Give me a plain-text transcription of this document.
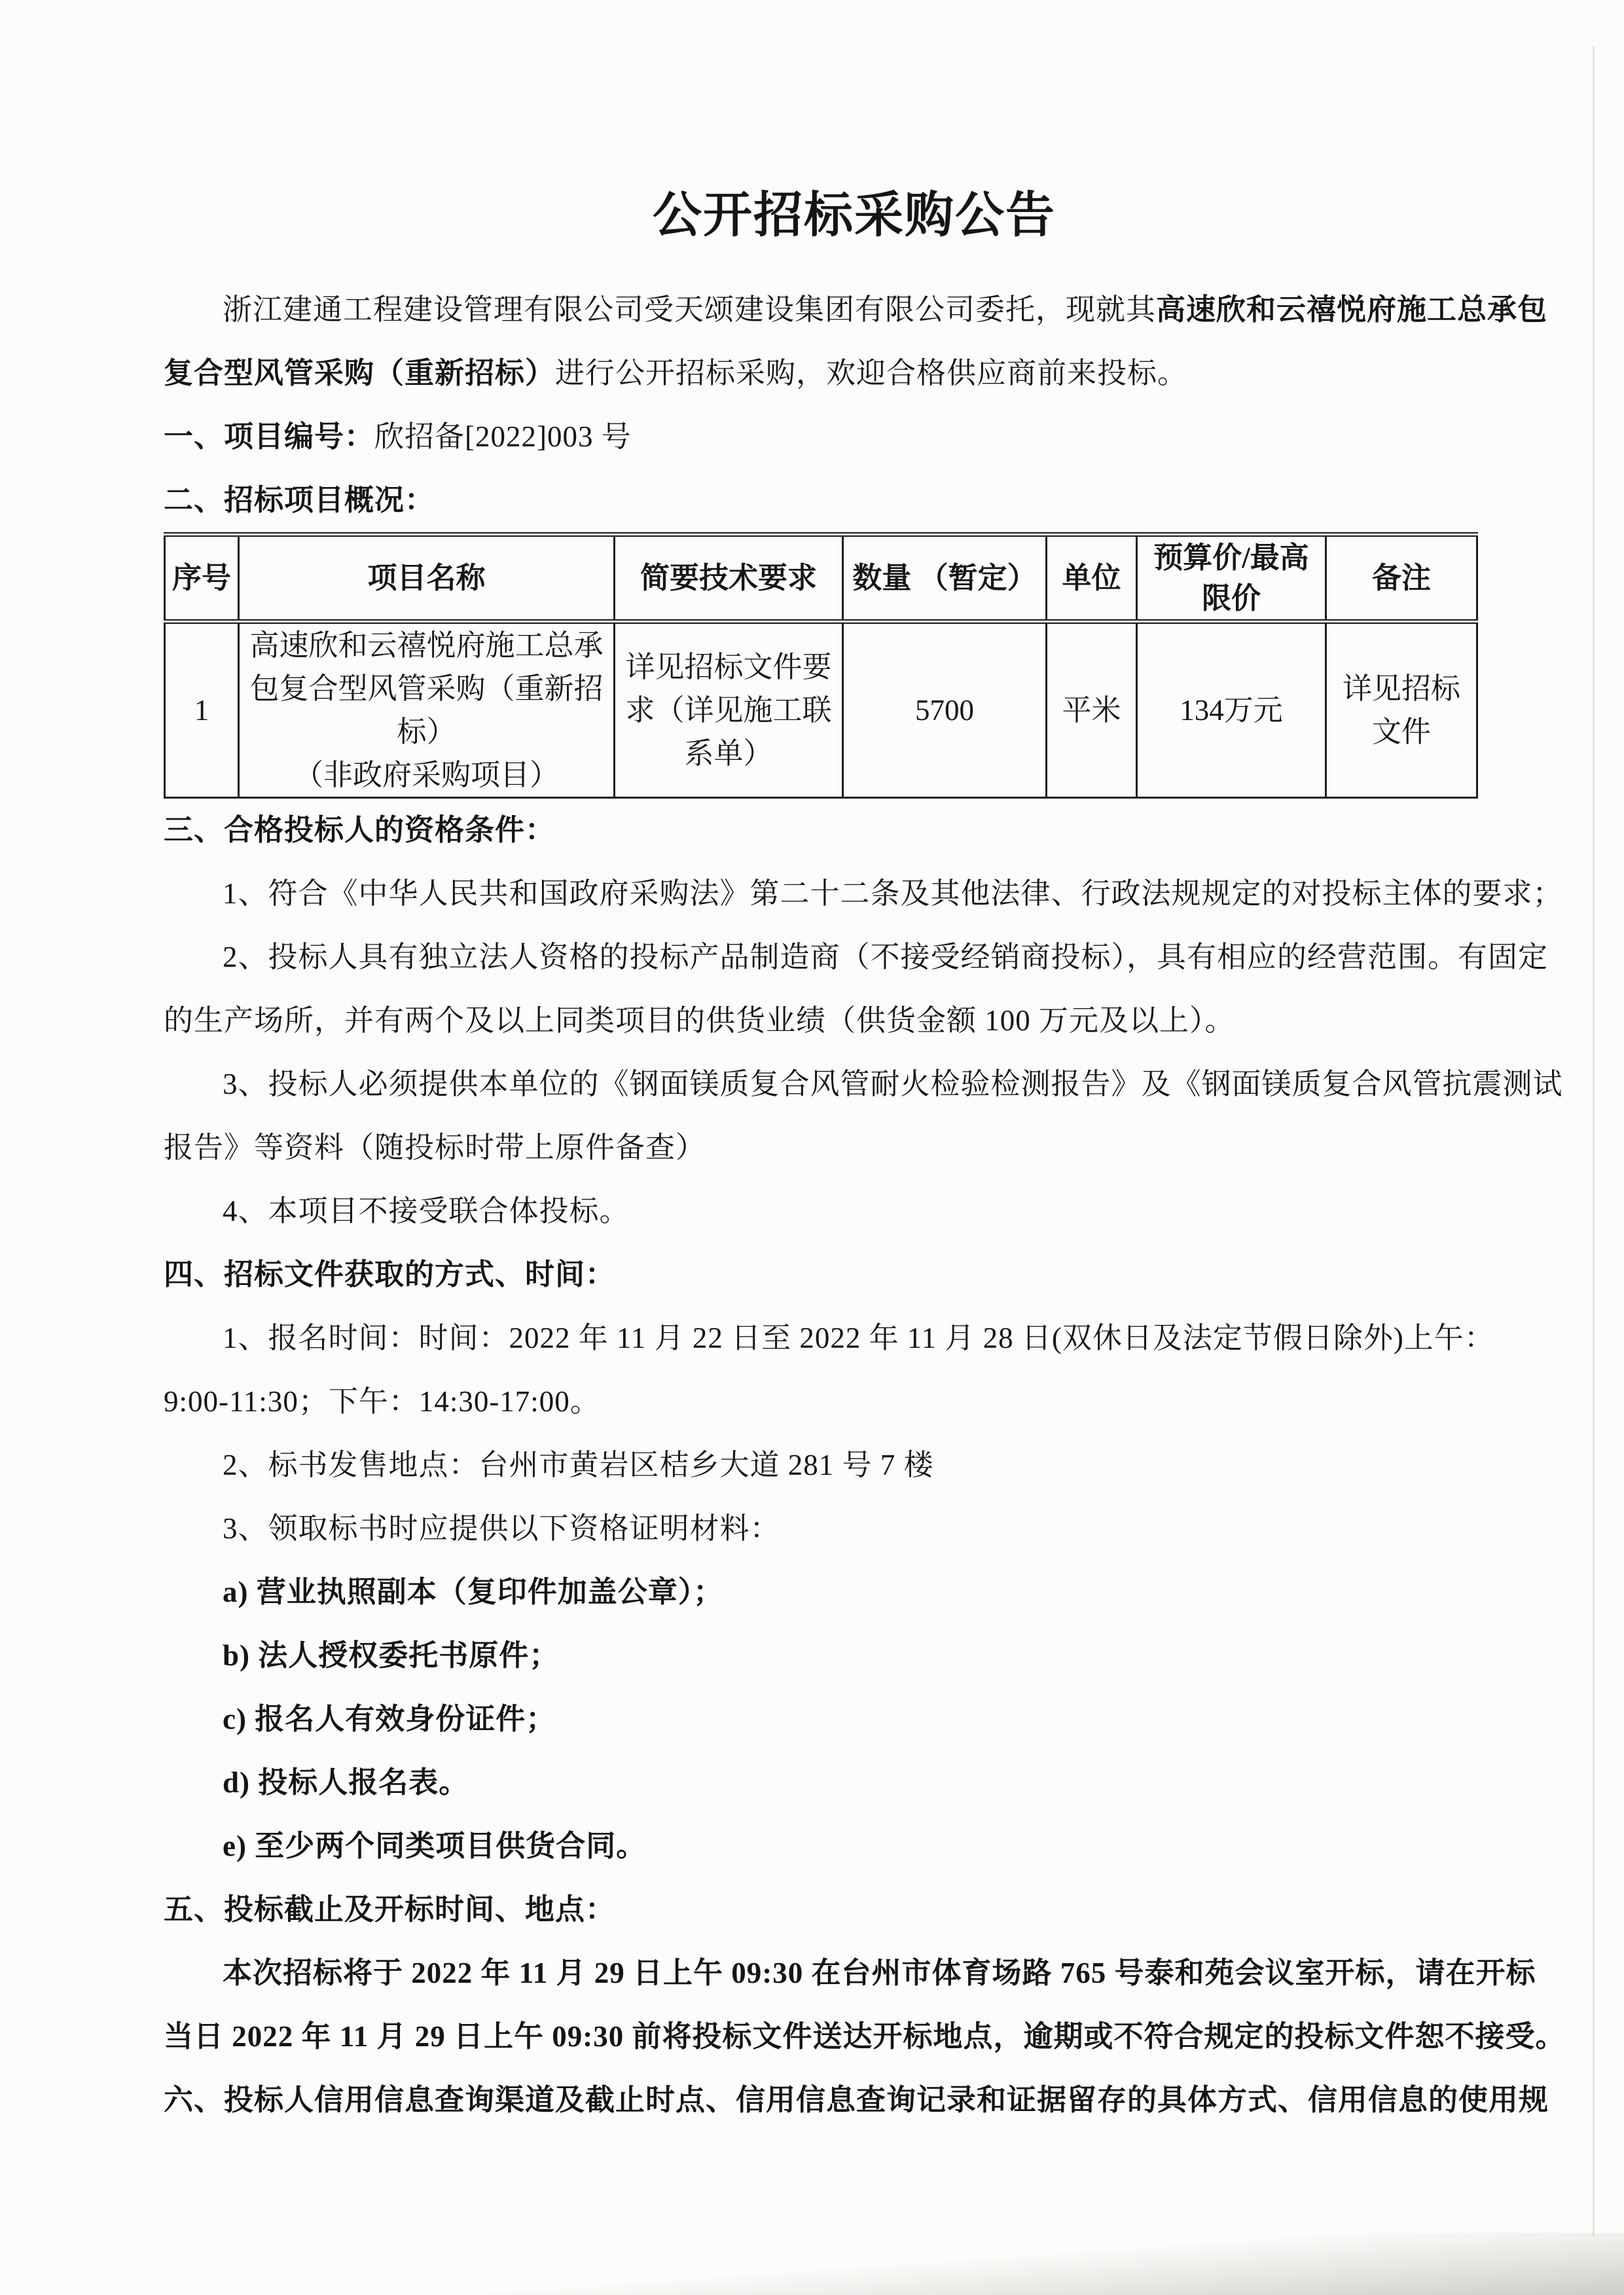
公开招标采购公告
浙江建通工程建设管理有限公司受天颂建设集团有限公司委托，现就其高速欣和云禧悦府施工总承包
复合型风管采购（重新招标）进行公开招标采购，欢迎合格供应商前来投标。
一、项目编号：欣招备[2022]003 号
二、招标项目概况：
序号	项目名称	简要技术要求	数量 （暂定）	单位	预算价/最高限价	备注
1	高速欣和云禧悦府施工总承包复合型风管采购（重新招标）
（非政府采购项目）	详见招标文件要求（详见施工联系单）	5700	平米	134万元	详见招标文件
三、合格投标人的资格条件：
1、符合《中华人民共和国政府采购法》第二十二条及其他法律、行政法规规定的对投标主体的要求；
2、投标人具有独立法人资格的投标产品制造商（不接受经销商投标），具有相应的经营范围。有固定
的生产场所，并有两个及以上同类项目的供货业绩（供货金额 100 万元及以上）。
3、投标人必须提供本单位的《钢面镁质复合风管耐火检验检测报告》及《钢面镁质复合风管抗震测试
报告》等资料（随投标时带上原件备查）
4、本项目不接受联合体投标。
四、招标文件获取的方式、时间：
1、报名时间：时间：2022 年 11 月 22 日至 2022 年 11 月 28 日(双休日及法定节假日除外)上午：
9:00-11:30；下午：14:30-17:00。
2、标书发售地点：台州市黄岩区桔乡大道 281 号 7 楼
3、领取标书时应提供以下资格证明材料：
a) 营业执照副本（复印件加盖公章）；
b) 法人授权委托书原件；
c) 报名人有效身份证件；
d) 投标人报名表。
e) 至少两个同类项目供货合同。
五、投标截止及开标时间、地点：
本次招标将于 2022 年 11 月 29 日上午 09:30 在台州市体育场路 765 号泰和苑会议室开标，请在开标
当日 2022 年 11 月 29 日上午 09:30 前将投标文件送达开标地点，逾期或不符合规定的投标文件恕不接受。
六、投标人信用信息查询渠道及截止时点、信用信息查询记录和证据留存的具体方式、信用信息的使用规
